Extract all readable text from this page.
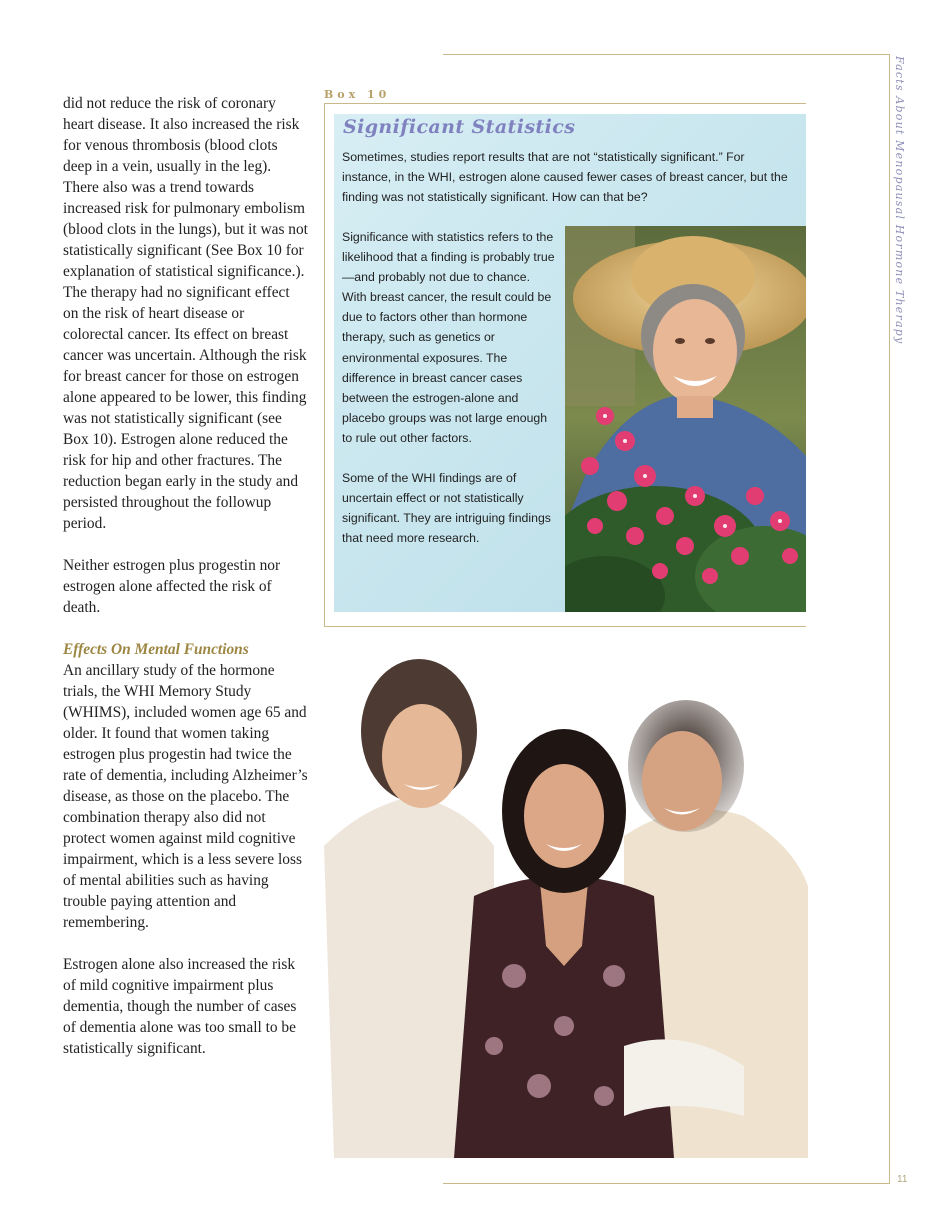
Facts About Menopausal Hormone Therapy
11

did not reduce the risk of coronary heart disease. It also increased the risk for venous thrombosis (blood clots deep in a vein, usually in the leg). There also was a trend towards increased risk for pulmonary embolism (blood clots in the lungs), but it was not statistically significant (See Box 10 for explanation of statistical significance.). The therapy had no significant effect on the risk of heart disease or colorectal cancer. Its effect on breast cancer was uncertain. Although the risk for breast cancer for those on estrogen alone appeared to be lower, this finding was not statistically significant (see Box 10). Estrogen alone reduced the risk for hip and other fractures. The reduction began early in the study and persisted throughout the followup period.

Neither estrogen plus progestin nor estrogen alone affected the risk of death.

Effects On Mental Functions

An ancillary study of the hormone trials, the WHI Memory Study (WHIMS), included women age 65 and older. It found that women taking estrogen plus progestin had twice the rate of dementia, including Alzheimer’s disease, as those on the placebo. The combination therapy also did not protect women against mild cognitive impairment, which is a less severe loss of mental abilities such as having trouble paying attention and remembering.

Estrogen alone also increased the risk of mild cognitive impairment plus dementia, though the number of cases of dementia alone was too small to be statistically significant.

Box 10
Significant Statistics

Sometimes, studies report results that are not “statistically significant.” For instance, in the WHI, estrogen alone caused fewer cases of breast cancer, but the finding was not statistically significant. How can that be?

Significance with statistics refers to the likelihood that a finding is probably true—and probably not due to chance. With breast cancer, the result could be due to factors other than hormone therapy, such as genetics or environmental exposures. The difference in breast cancer cases between the estrogen-alone and placebo groups was not large enough to rule out other factors.

Some of the WHI findings are of uncertain effect or not statistically significant. They are intriguing findings that need more research.
